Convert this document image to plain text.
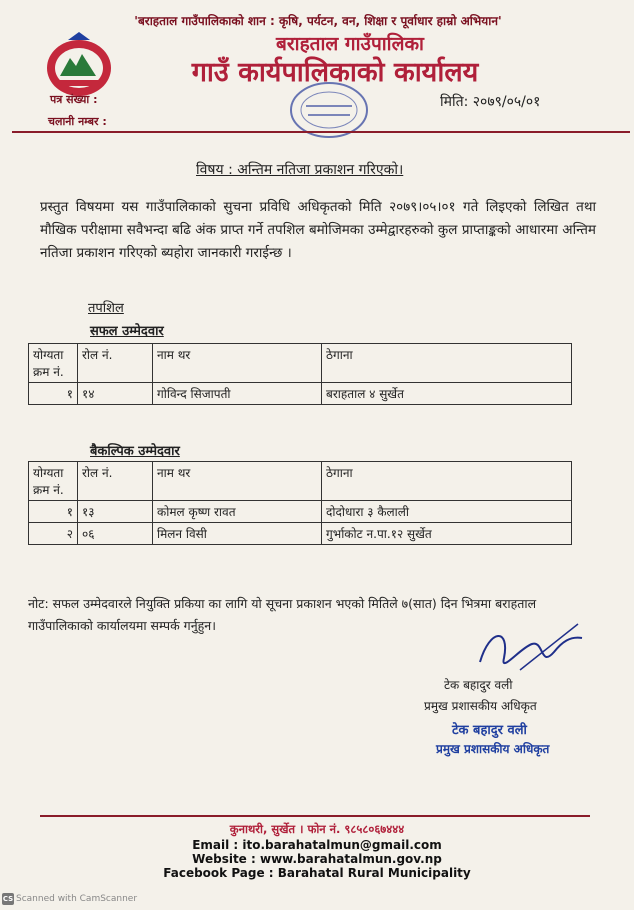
'बराहताल गाउँपालिकाको शान : कृषि, पर्यटन, वन, शिक्षा र पूर्वाधार हाम्रो अभियान'
बराहताल गाउँपालिका
गाउँ कार्यपालिकाको कार्यालय
पत्र संख्या :
चलानी नम्बर :
मिति: २०७९/०५/०१
विषय : अन्तिम नतिजा प्रकाशन गरिएको।
प्रस्तुत विषयमा यस गाउँपालिकाको सुचना प्रविधि अधिकृतको मिति २०७९।०५।०१ गते लिइएको लिखित तथा मौखिक परीक्षामा सवैभन्दा बढि अंक प्राप्त गर्ने तपशिल बमोजिमका उम्मेद्वारहरुको कुल प्राप्ताङ्कको आधारमा अन्तिम नतिजा प्रकाशन गरिएको ब्यहोरा जानकारी गराईन्छ ।
तपशिल
सफल उम्मेदवार
योग्यता
क्रम नं.	रोल नं.	नाम थर	ठेगाना
१	१४	गोविन्द सिजापती	बराहताल ४ सुर्खेत
बैकल्पिक उम्मेदवार
योग्यता
क्रम नं.	रोल नं.	नाम थर	ठेगाना
१	१३	कोमल कृष्ण रावत	दोदोधारा ३ कैलाली
२	०६	मिलन विसी	गुर्भाकोट न.पा.१२ सुर्खेत
नोट: सफल उम्मेदवारले नियुक्ति प्रकिया का लागि यो सूचना प्रकाशन भएको मितिले ७(सात) दिन भित्रमा बराहताल गाउँपालिकाको कार्यालयमा सम्पर्क गर्नुहुन।
टेक बहादुर वली
प्रमुख प्रशासकीय अधिकृत
टेक बहादुर वली
प्रमुख प्रशासकीय अधिकृत
कुनाथरी, सुर्खेत । फोन नं. ९८५८०६७४४४
Email : ito.barahatalmun@gmail.com
Website : www.barahatalmun.gov.np
Facebook Page : Barahatal Rural Municipality
CS Scanned with CamScanner
